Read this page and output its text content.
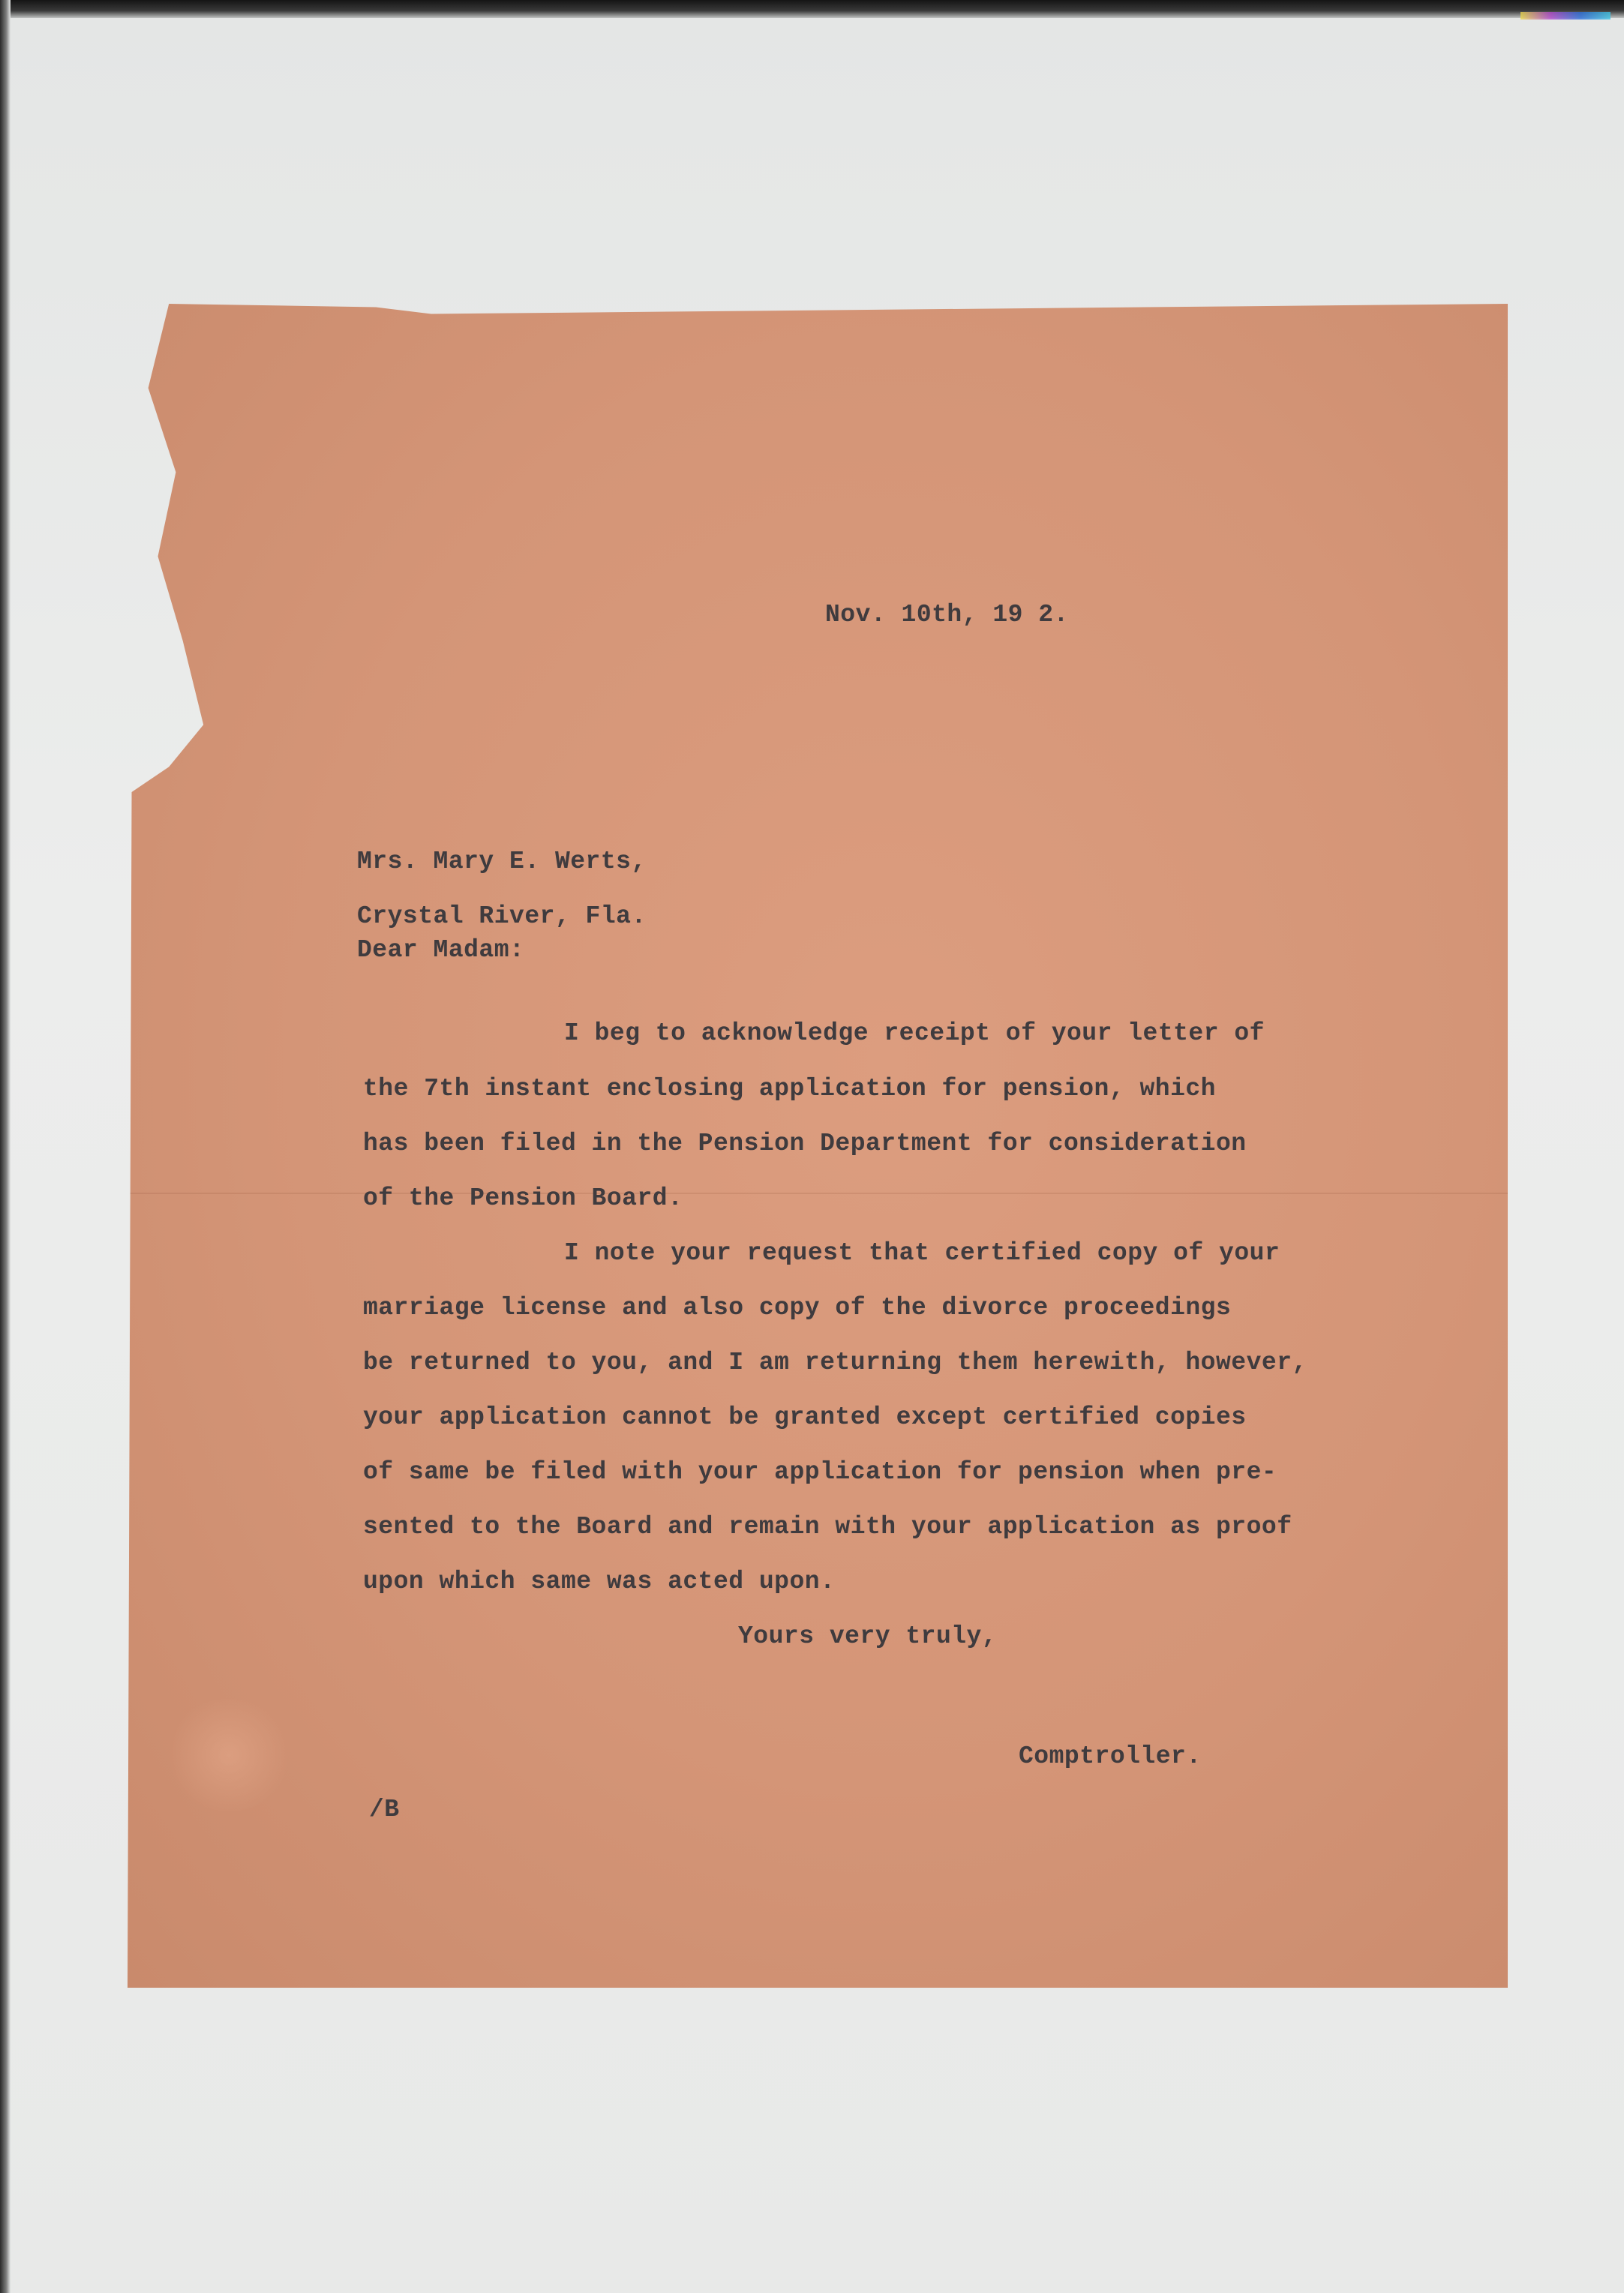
Nov. 10th, 19 2.

Mrs. Mary E. Werts,

Crystal River, Fla.

Dear Madam:

I beg to acknowledge receipt of your letter of

the 7th instant enclosing application for pension, which

has been filed in the Pension Department for consideration

of the Pension Board.

I note your request that certified copy of your

marriage license and also copy of the divorce proceedings

be returned to you, and I am returning them herewith, however,

your application cannot be granted except certified copies

of same be filed with your application for pension when pre-

sented to the Board and remain with your application as proof

upon which same was acted upon.

Yours very truly,

Comptroller.

/B
